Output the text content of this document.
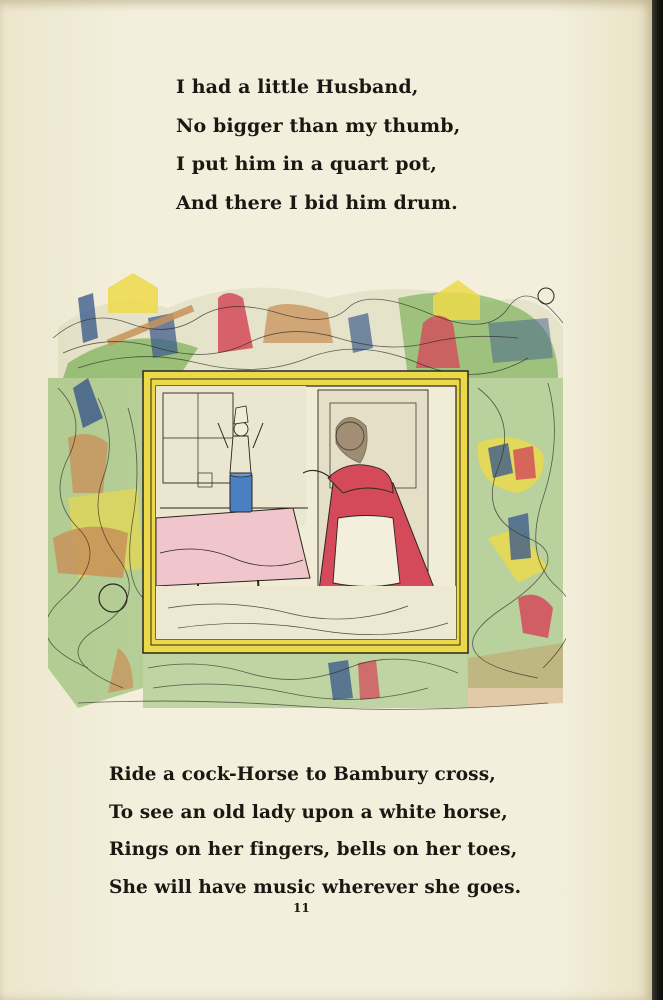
I had a little Husband,
No bigger than my thumb,
I put him in a quart pot,
And there I bid him drum.
Ride a cock-Horse to Bambury cross,
To see an old lady upon a white horse,
Rings on her fingers, bells on her toes,
She will have music wherever she goes.
11
